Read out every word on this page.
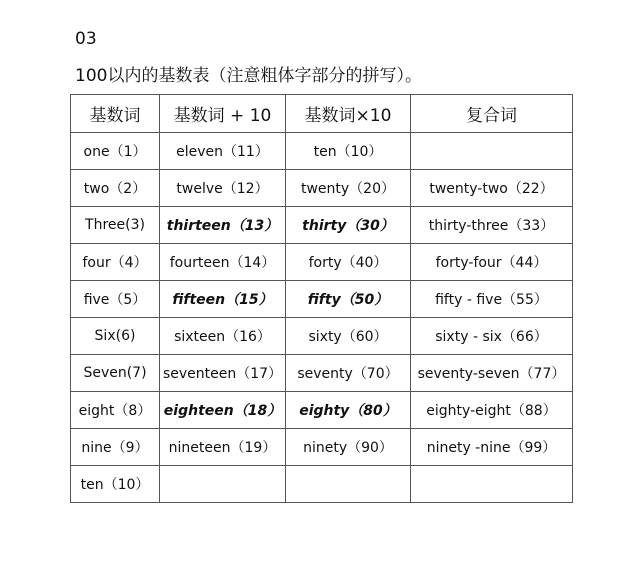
03
100以内的基数表（注意粗体字部分的拼写）。
基数词	基数词 + 10	基数词×10	复合词
one（1）	eleven（11）	ten（10）	
two（2）	twelve（12）	twenty（20）	twenty-two（22）
Three(3)	thirteen（13）	thirty（30）	thirty-three（33）
four（4）	fourteen（14）	forty（40）	forty-four（44）
five（5）	fifteen（15）	fifty（50）	fifty - five（55）
Six(6)	sixteen（16）	sixty（60）	sixty - six（66）
Seven(7)	seventeen（17）	seventy（70）	seventy-seven（77）
eight（8）	eighteen（18）	eighty（80）	eighty-eight（88）
nine（9）	nineteen（19）	ninety（90）	ninety -nine（99）
ten（10）			
